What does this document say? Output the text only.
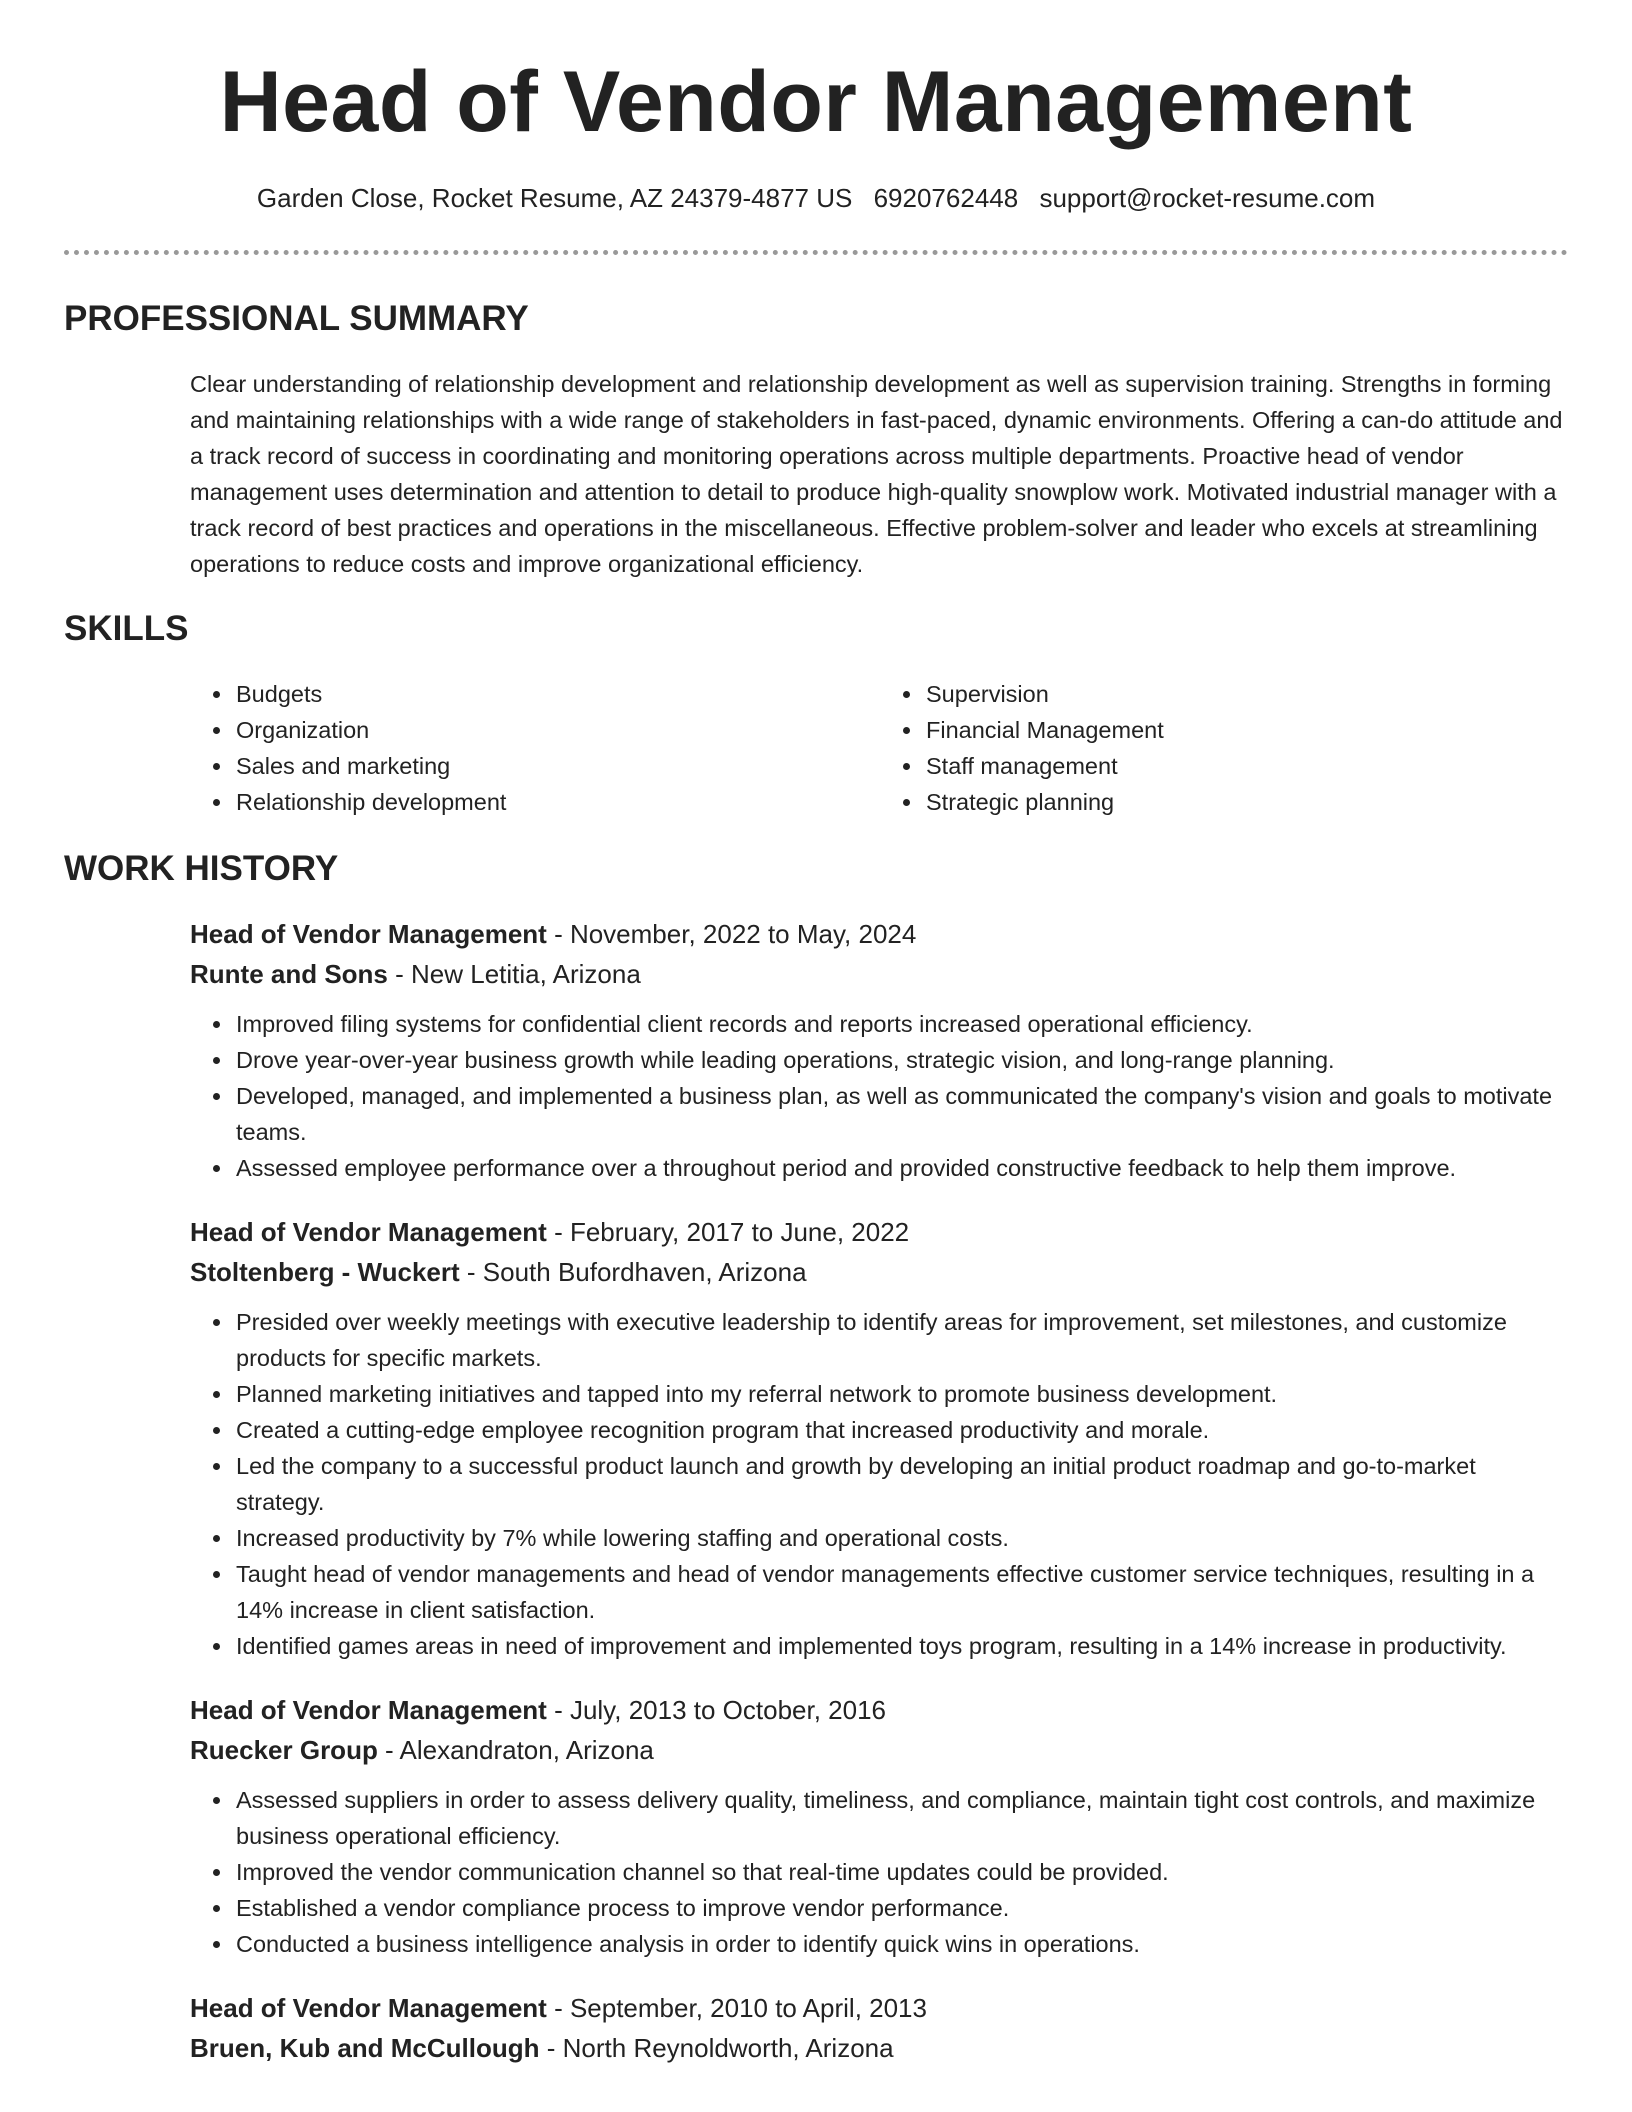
Head of Vendor Management
Garden Close, Rocket Resume, AZ 24379-4877 US 6920762448 support@rocket-resume.com
PROFESSIONAL SUMMARY

Clear understanding of relationship development and relationship development as well as supervision training. Strengths in forming and maintaining relationships with a wide range of stakeholders in fast-paced, dynamic environments. Offering a can-do attitude and a track record of success in coordinating and monitoring operations across multiple departments. Proactive head of vendor management uses determination and attention to detail to produce high-quality snowplow work. Motivated industrial manager with a track record of best practices and operations in the miscellaneous. Effective problem-solver and leader who excels at streamlining operations to reduce costs and improve organizational efficiency.

SKILLS
• Budgets
• Organization
• Sales and marketing
• Relationship development
• Supervision
• Financial Management
• Staff management
• Strategic planning
WORK HISTORY

Head of Vendor Management - November, 2022 to May, 2024

Runte and Sons - New Letitia, Arizona

• Improved filing systems for confidential client records and reports increased operational efficiency.
• Drove year-over-year business growth while leading operations, strategic vision, and long-range planning.
• Developed, managed, and implemented a business plan, as well as communicated the company's vision and goals to motivate teams.
• Assessed employee performance over a throughout period and provided constructive feedback to help them improve.

Head of Vendor Management - February, 2017 to June, 2022

Stoltenberg - Wuckert - South Bufordhaven, Arizona

• Presided over weekly meetings with executive leadership to identify areas for improvement, set milestones, and customize products for specific markets.
• Planned marketing initiatives and tapped into my referral network to promote business development.
• Created a cutting-edge employee recognition program that increased productivity and morale.
• Led the company to a successful product launch and growth by developing an initial product roadmap and go-to-market strategy.
• Increased productivity by 7% while lowering staffing and operational costs.
• Taught head of vendor managements and head of vendor managements effective customer service techniques, resulting in a 14% increase in client satisfaction.
• Identified games areas in need of improvement and implemented toys program, resulting in a 14% increase in productivity.

Head of Vendor Management - July, 2013 to October, 2016

Ruecker Group - Alexandraton, Arizona

• Assessed suppliers in order to assess delivery quality, timeliness, and compliance, maintain tight cost controls, and maximize business operational efficiency.
• Improved the vendor communication channel so that real-time updates could be provided.
• Established a vendor compliance process to improve vendor performance.
• Conducted a business intelligence analysis in order to identify quick wins in operations.

Head of Vendor Management - September, 2010 to April, 2013

Bruen, Kub and McCullough - North Reynoldworth, Arizona
